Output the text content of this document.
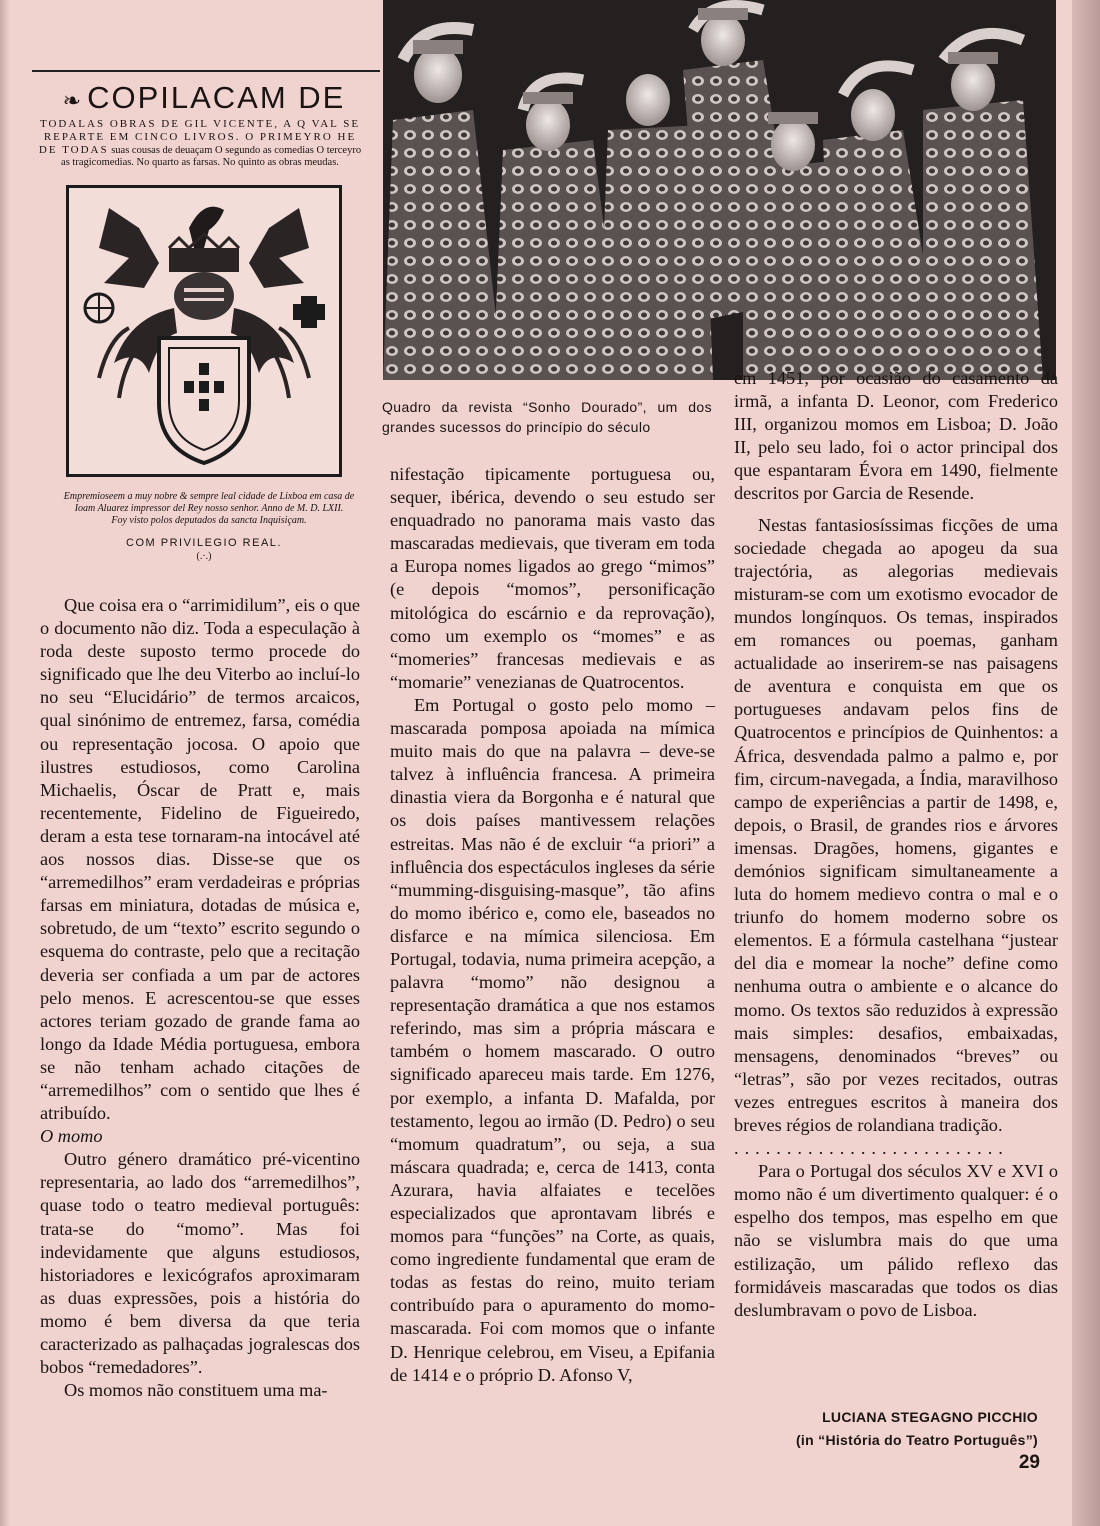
❧ COPILACAM DE
TODALAS OBRAS DE GIL VICENTE, A Q VAL SE REPARTE EM CINCO LIVROS. O PRIMEYRO HE DE TODAS suas cousas de deuaçam O segundo as comedias O terceyro as tragicomedias. No quarto as farsas. No quinto as obras meudas.
Empremioseem a muy nobre & sempre leal cidade de Lixboa em casa de Ioam Aluarez impressor del Rey nosso senhor. Anno de M. D. LXII.
Foy visto polos deputados da sancta Inquisiçam.
COM PRIVILEGIO REAL.
(.·.)
Quadro da revista “Sonho Dourado”, um dos grandes sucessos do princípio do século

Que coisa era o “arrimidilum”, eis o que o documento não diz. Toda a especulação à roda deste suposto termo procede do significado que lhe deu Viterbo ao incluí-lo no seu “Elucidário” de termos arcaicos, qual sinónimo de entremez, farsa, comédia ou representação jocosa. O apoio que ilustres estudiosos, como Carolina Michaelis, Óscar de Pratt e, mais recentemente, Fidelino de Figueiredo, deram a esta tese tornaram-na intocável até aos nossos dias. Disse-se que os “arremedilhos” eram verdadeiras e próprias farsas em miniatura, dotadas de música e, sobretudo, de um “texto” escrito segundo o esquema do contraste, pelo que a recitação deveria ser confiada a um par de actores pelo menos. E acrescentou-se que esses actores teriam gozado de grande fama ao longo da Idade Média portuguesa, embora se não tenham achado citações de “arremedilhos” com o sentido que lhes é atribuído.

O momo

Outro género dramático pré-vicentino representaria, ao lado dos “arremedilhos”, quase todo o teatro medieval português: trata-se do “momo”. Mas foi indevidamente que alguns estudiosos, historiadores e lexicógrafos aproximaram as duas expressões, pois a história do momo é bem diversa da que teria caracterizado as palhaçadas jogralescas dos bobos “remedadores”.

Os momos não constituem uma ma-

nifestação tipicamente portuguesa ou, sequer, ibérica, devendo o seu estudo ser enquadrado no panorama mais vasto das mascaradas medievais, que tiveram em toda a Europa nomes ligados ao grego “mimos” (e depois “momos”, personificação mitológica do escárnio e da reprovação), como um exemplo os “momes” e as “momeries” francesas medievais e as “momarie” venezianas de Quatrocentos.

Em Portugal o gosto pelo momo – mascarada pomposa apoiada na mímica muito mais do que na palavra – deve-se talvez à influência francesa. A primeira dinastia viera da Borgonha e é natural que os dois países mantivessem relações estreitas. Mas não é de excluir “a priori” a influência dos espectáculos ingleses da série “mumming-disguising-masque”, tão afins do momo ibérico e, como ele, baseados no disfarce e na mímica silenciosa. Em Portugal, todavia, numa primeira acepção, a palavra “momo” não designou a representação dramática a que nos estamos referindo, mas sim a própria máscara e também o homem mascarado. O outro significado apareceu mais tarde. Em 1276, por exemplo, a infanta D. Mafalda, por testamento, legou ao irmão (D. Pedro) o seu “momum quadratum”, ou seja, a sua máscara quadrada; e, cerca de 1413, conta Azurara, havia alfaiates e tecelões especializados que aprontavam librés e momos para “funções” na Corte, as quais, como ingrediente fundamental que eram de todas as festas do reino, muito teriam contribuído para o apuramento do momo-mascarada. Foi com momos que o infante D. Henrique celebrou, em Viseu, a Epifania de 1414 e o próprio D. Afonso V,

em 1451, por ocasião do casamento da irmã, a infanta D. Leonor, com Frederico III, organizou momos em Lisboa; D. João II, pelo seu lado, foi o actor principal dos que espantaram Évora em 1490, fielmente descritos por Garcia de Resende.

Nestas fantasiosíssimas ficções de uma sociedade chegada ao apogeu da sua trajectória, as alegorias medievais misturam-se com um exotismo evocador de mundos longínquos. Os temas, inspirados em romances ou poemas, ganham actualidade ao inserirem-se nas paisagens de aventura e conquista em que os portugueses andavam pelos fins de Quatrocentos e princípios de Quinhentos: a África, desvendada palmo a palmo e, por fim, circum-navegada, a Índia, maravilhoso campo de experiências a partir de 1498, e, depois, o Brasil, de grandes rios e árvores imensas. Dragões, homens, gigantes e demónios significam simultaneamente a luta do homem medievo contra o mal e o triunfo do homem moderno sobre os elementos. E a fórmula castelhana “justear del dia e momear la noche” define como nenhuma outra o ambiente e o alcance do momo. Os textos são reduzidos à expressão mais simples: desafios, embaixadas, mensagens, denominados “breves” ou “letras”, são por vezes recitados, outras vezes entregues escritos à maneira dos breves régios de rolandiana tradição.

..........................

Para o Portugal dos séculos XV e XVI o momo não é um divertimento qualquer: é o espelho dos tempos, mas espelho em que não se vislumbra mais do que uma estilização, um pálido reflexo das formidáveis mascaradas que todos os dias deslumbravam o povo de Lisboa.

LUCIANA STEGAGNO PICCHIO
(in “História do Teatro Português”)
29
